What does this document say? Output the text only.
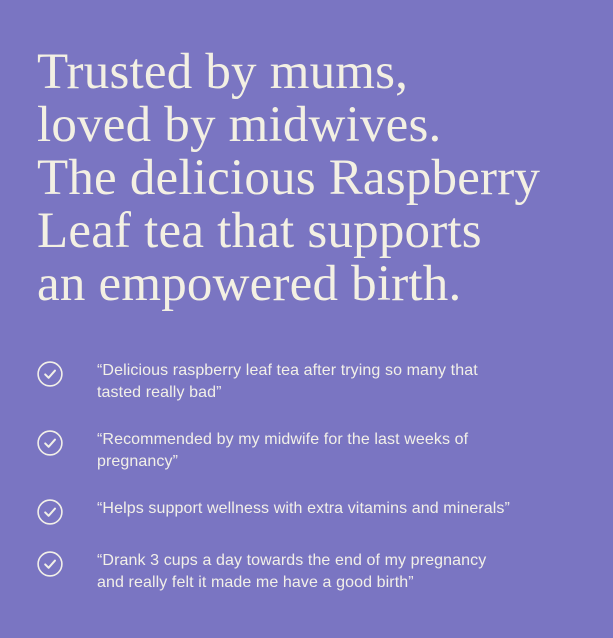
Trusted by mums,
loved by midwives.
The delicious Raspberry
Leaf tea that supports
an empowered birth.
“Delicious raspberry leaf tea after trying so many that
tasted really bad”
“Recommended by my midwife for the last weeks of
pregnancy”
“Helps support wellness with extra vitamins and minerals”
“Drank 3 cups a day towards the end of my pregnancy
and really felt it made me have a good birth”
